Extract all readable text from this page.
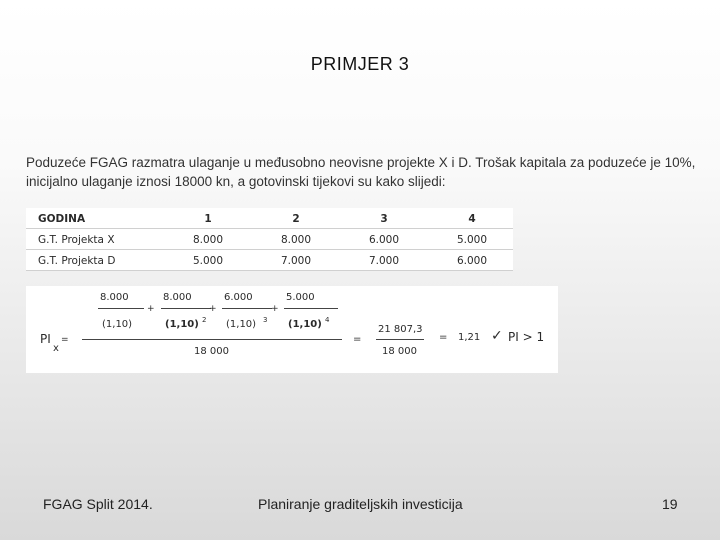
PRIMJER 3
Poduzeće FGAG razmatra ulaganje u međusobno neovisne projekte X i D. Trošak kapitala za poduzeće je 10%, inicijalno ulaganje iznosi 18000 kn, a gotovinski tijekovi su kako slijedi:
GODINA	1	2	3	4
G.T. Projekta X	8.000	8.000	6.000	5.000
G.T. Projekta D	5.000	7.000	7.000	6.000
8.000	8.000	6.000	5.000
+	+	+
(1,10)	(1,10)	(1,10)	(1,10)
2	3	4
PI =
x	18 000
=
21 807,3
18 000
= 1,21 ✓ PI > 1
FGAG Split 2014.	Planiranje graditeljskih investicija	19
